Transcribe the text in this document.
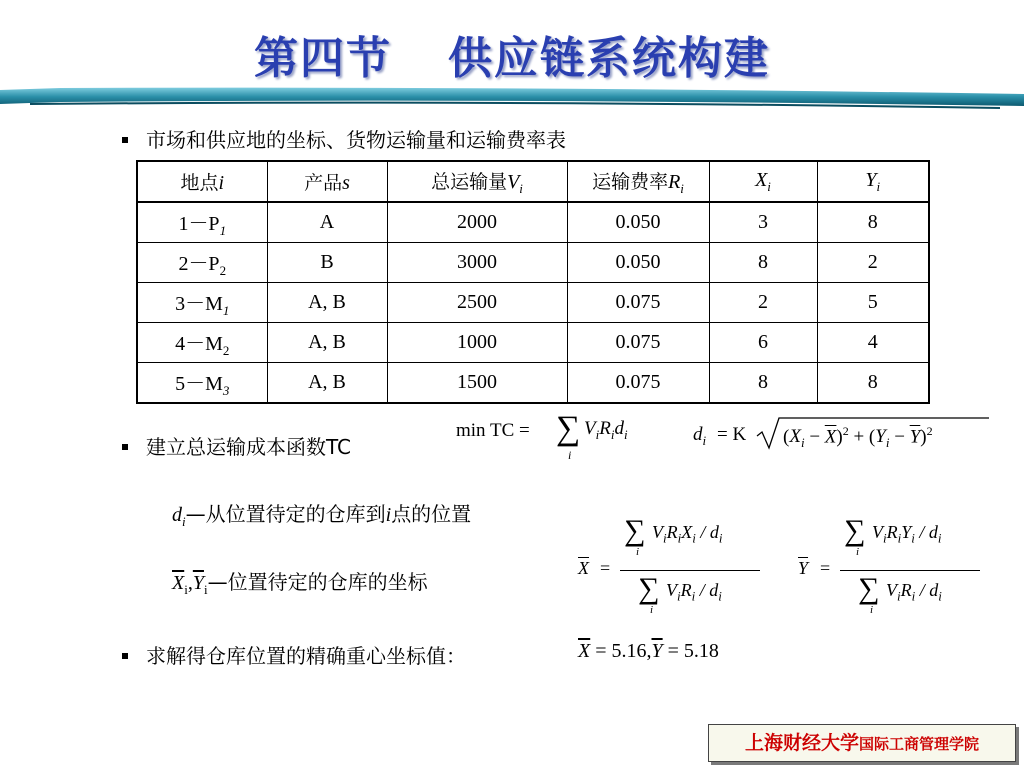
第四节 供应链系统构建
市场和供应地的坐标、货物运输量和运输费率表
地点i	产品s	总运输量$V_i$	运输费率$R_i$	$X_i$	$Y_i$
$1-P_1$	A	2000	0.050	3	8
$2-P_2$	B	3000	0.050	8	2
$3-M_1$	A, B	2500	0.075	2	5
$4-M_2$	A, B	1000	0.075	6	4
$5-M_3$	A, B	1500	0.075	8	8
建立总运输成本函数TC
min TC = ∑
i
$V_iR_id_i$	$d_i = K$ $(X_i - \overline{X})^2 + (Y_i - \overline{Y})^2$
$d_i—$从位置待定的仓库到i点的位置
$\overline{X}_i,\overline{Y}_i—$位置待定的仓库的坐标
$\overline{X}$ =
∑
i
$V_iR_iX_i / d_i$
∑
i
$V_iR_i / d_i$
$\overline{Y}$ =
∑
i
$V_iR_iY_i / d_i$
∑
i
$V_iR_i / d_i$
求解得仓库位置的精确重心坐标值：	$\overline{X} = 5.16,\overline{Y} = 5.18$
上海财经大学国际工商管理学院
